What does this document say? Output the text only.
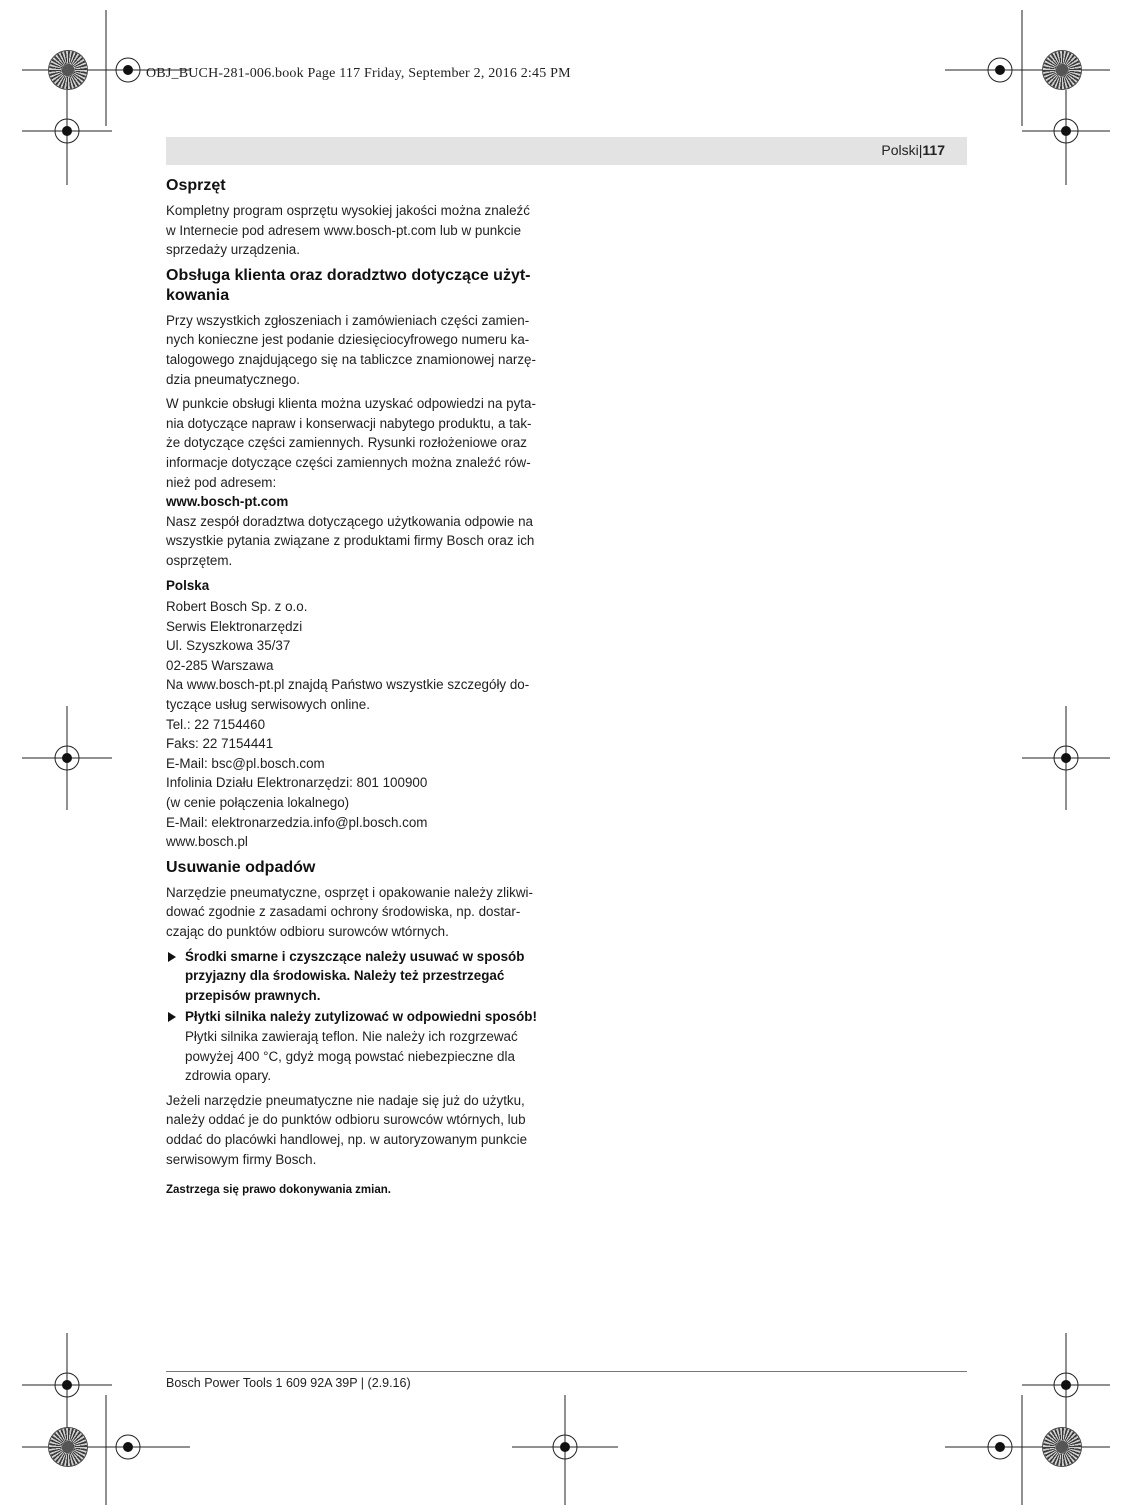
OBJ_BUCH-281-006.book Page 117 Friday, September 2, 2016 2:45 PM
Polski|117
Osprzęt

Kompletny program osprzętu wysokiej jakości można znaleźć
w Internecie pod adresem www.bosch-pt.com lub w punkcie
sprzedaży urządzenia.

Obsługa klienta oraz doradztwo dotyczące użyt-
kowania

Przy wszystkich zgłoszeniach i zamówieniach części zamien-
nych konieczne jest podanie dziesięciocyfrowego numeru ka-
talogowego znajdującego się na tabliczce znamionowej narzę-
dzia pneumatycznego.

W punkcie obsługi klienta można uzyskać odpowiedzi na pyta-
nia dotyczące napraw i konserwacji nabytego produktu, a tak-
że dotyczące części zamiennych. Rysunki rozłożeniowe oraz
informacje dotyczące części zamiennych można znaleźć rów-
nież pod adresem:
www.bosch-pt.com

Nasz zespół doradztwa dotyczącego użytkowania odpowie na
wszystkie pytania związane z produktami firmy Bosch oraz ich
osprzętem.

Polska

Robert Bosch Sp. z o.o.
Serwis Elektronarzędzi
Ul. Szyszkowa 35/37
02-285 Warszawa
Na www.bosch-pt.pl znajdą Państwo wszystkie szczegóły do-
tyczące usług serwisowych online.
Tel.: 22 7154460
Faks: 22 7154441
E-Mail: bsc@pl.bosch.com
Infolinia Działu Elektronarzędzi: 801 100900
(w cenie połączenia lokalnego)
E-Mail: elektronarzedzia.info@pl.bosch.com
www.bosch.pl

Usuwanie odpadów

Narzędzie pneumatyczne, osprzęt i opakowanie należy zlikwi-
dować zgodnie z zasadami ochrony środowiska, np. dostar-
czając do punktów odbioru surowców wtórnych.

Środki smarne i czyszczące należy usuwać w sposób
przyjazny dla środowiska. Należy też przestrzegać
przepisów prawnych.
Płytki silnika należy zutylizować w odpowiedni sposób!
Płytki silnika zawierają teflon. Nie należy ich rozgrzewać
powyżej 400 °C, gdyż mogą powstać niebezpieczne dla
zdrowia opary.

Jeżeli narzędzie pneumatyczne nie nadaje się już do użytku,
należy oddać je do punktów odbioru surowców wtórnych, lub
oddać do placówki handlowej, np. w autoryzowanym punkcie
serwisowym firmy Bosch.

Zastrzega się prawo dokonywania zmian.
Bosch Power Tools 1 609 92A 39P | (2.9.16)
